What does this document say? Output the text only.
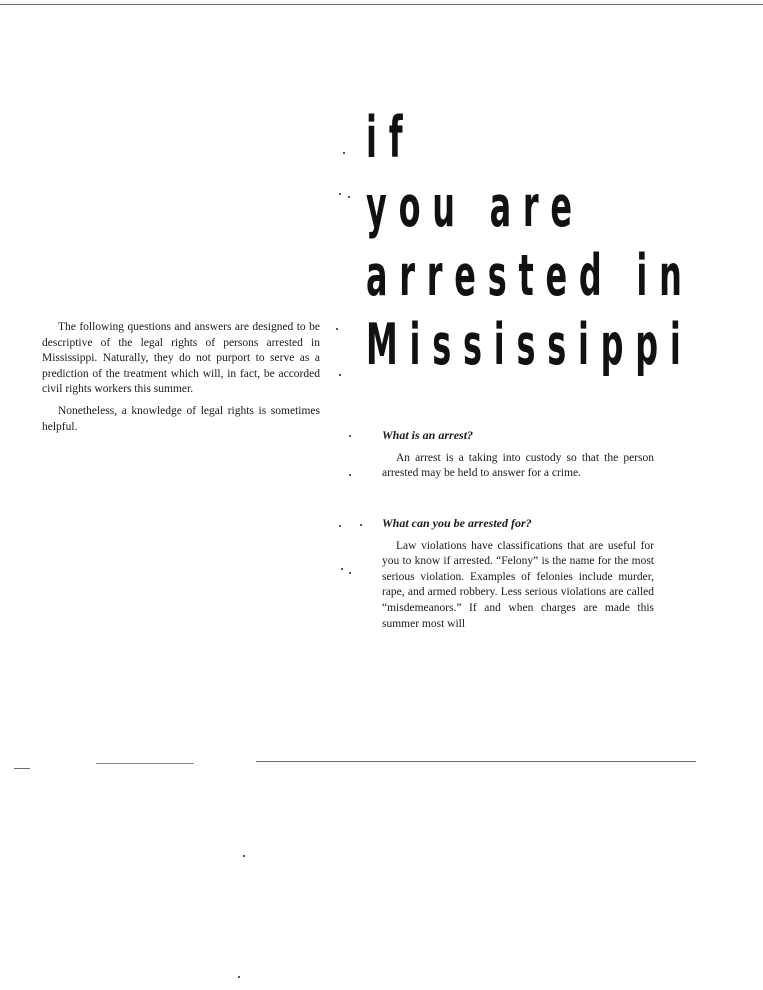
The following questions and answers are designed to be descriptive of the legal rights of persons arrested in Mississippi. Naturally, they do not purport to serve as a prediction of the treatment which will, in fact, be accorded civil rights workers this summer.

Nonetheless, a knowledge of legal rights is sometimes helpful.

if
you are
arrested in
Mississippi

What is an arrest?

An arrest is a taking into custody so that the person arrested may be held to answer for a crime.

What can you be arrested for?

Law violations have classifications that are useful for you to know if arrested. “Felony” is the name for the most serious violation. Examples of felonies include murder, rape, and armed robbery. Less serious violations are called “misdemeanors.” If and when charges are made this summer most will
